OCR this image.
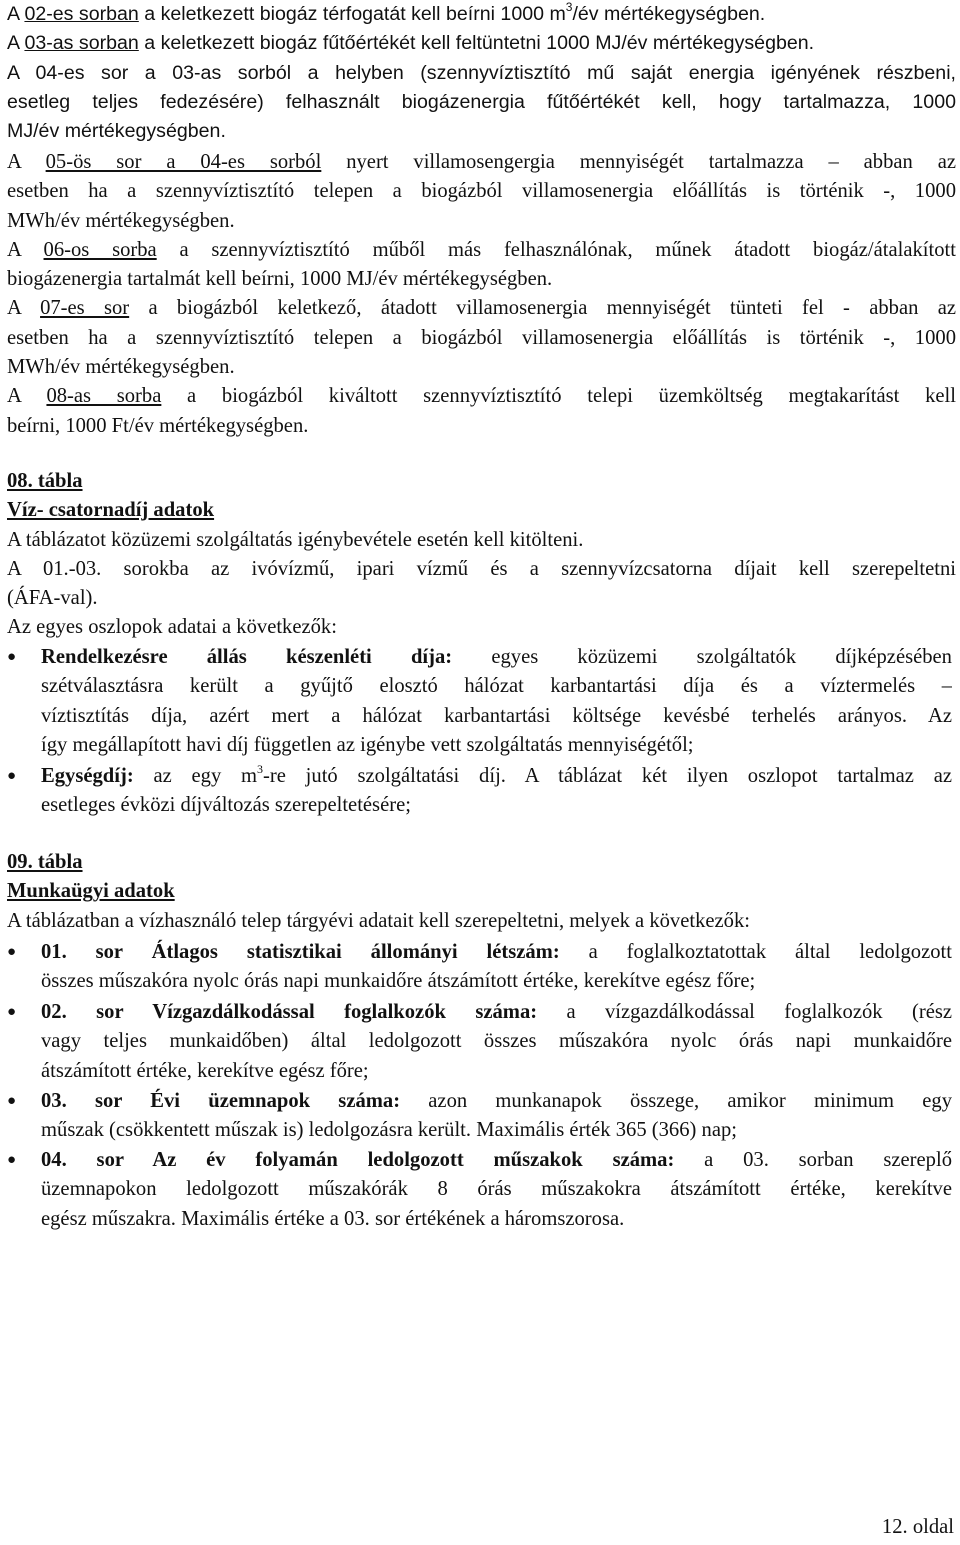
A 02-es sorban a keletkezett biogáz térfogatát kell beírni 1000 $m^3/év$ mértékegységben.
A 03-as sorban a keletkezett biogáz fűtőértékét kell feltüntetni 1000 MJ/év mértékegységben.
A 04-es sor a 03-as sorból a helyben (szennyvíztisztító mű saját energia igényének részbeni,
esetleg teljes fedezésére) felhasznált biogázenergia fűtőértékét kell, hogy tartalmazza, 1000
MJ/év mértékegységben.
A 05-ös sor a 04-es sorból nyert villamosengergia mennyiségét tartalmazza – abban az
esetben ha a szennyvíztisztító telepen a biogázból villamosenergia előállítás is történik -, 1000
MWh/év mértékegységben.
A 06-os sorba a szennyvíztisztító műből más felhasználónak, műnek átadott biogáz/átalakított
biogázenergia tartalmát kell beírni, 1000 MJ/év mértékegységben.
A 07-es sor a biogázból keletkező, átadott villamosenergia mennyiségét tünteti fel - abban az
esetben ha a szennyvíztisztító telepen a biogázból villamosenergia előállítás is történik -, 1000
MWh/év mértékegységben.
A 08-as sorba a biogázból kiváltott szennyvíztisztító telepi üzemköltség megtakarítást kell
beírni, 1000 Ft/év mértékegységben.
08. tábla
Víz- csatornadíj adatok
A táblázatot közüzemi szolgáltatás igénybevétele esetén kell kitölteni.
A 01.-03. sorokba az ivóvízmű, ipari vízmű és a szennyvízcsatorna díjait kell szerepeltetni
(ÁFA-val).
Az egyes oszlopok adatai a következők:
●	Rendelkezésre állás készenléti díja: egyes közüzemi szolgáltatók díjképzésében
szétválasztásra került a gyűjtő elosztó hálózat karbantartási díja és a víztermelés –
víztisztítás díja, azért mert a hálózat karbantartási költsége kevésbé terhelés arányos. Az
így megállapított havi díj független az igénybe vett szolgáltatás mennyiségétől;
●	Egységdíj: az egy $m^3-re$ jutó szolgáltatási díj. A táblázat két ilyen oszlopot tartalmaz az
esetleges évközi díjváltozás szerepeltetésére;
09. tábla
Munkaügyi adatok
A táblázatban a vízhasználó telep tárgyévi adatait kell szerepeltetni, melyek a következők:
●	01. sor Átlagos statisztikai állományi létszám: a foglalkoztatottak által ledolgozott
összes műszakóra nyolc órás napi munkaidőre átszámított értéke, kerekítve egész főre;
●	02. sor Vízgazdálkodással foglalkozók száma: a vízgazdálkodással foglalkozók (rész
vagy teljes munkaidőben) által ledolgozott összes műszakóra nyolc órás napi munkaidőre
átszámított értéke, kerekítve egész főre;
●	03. sor Évi üzemnapok száma: azon munkanapok összege, amikor minimum egy
műszak (csökkentett műszak is) ledolgozásra került. Maximális érték 365 (366) nap;
●	04. sor Az év folyamán ledolgozott műszakok száma: a 03. sorban szereplő
üzemnapokon ledolgozott műszakórák 8 órás műszakokra átszámított értéke, kerekítve
egész műszakra. Maximális értéke a 03. sor értékének a háromszorosa.
12. oldal
